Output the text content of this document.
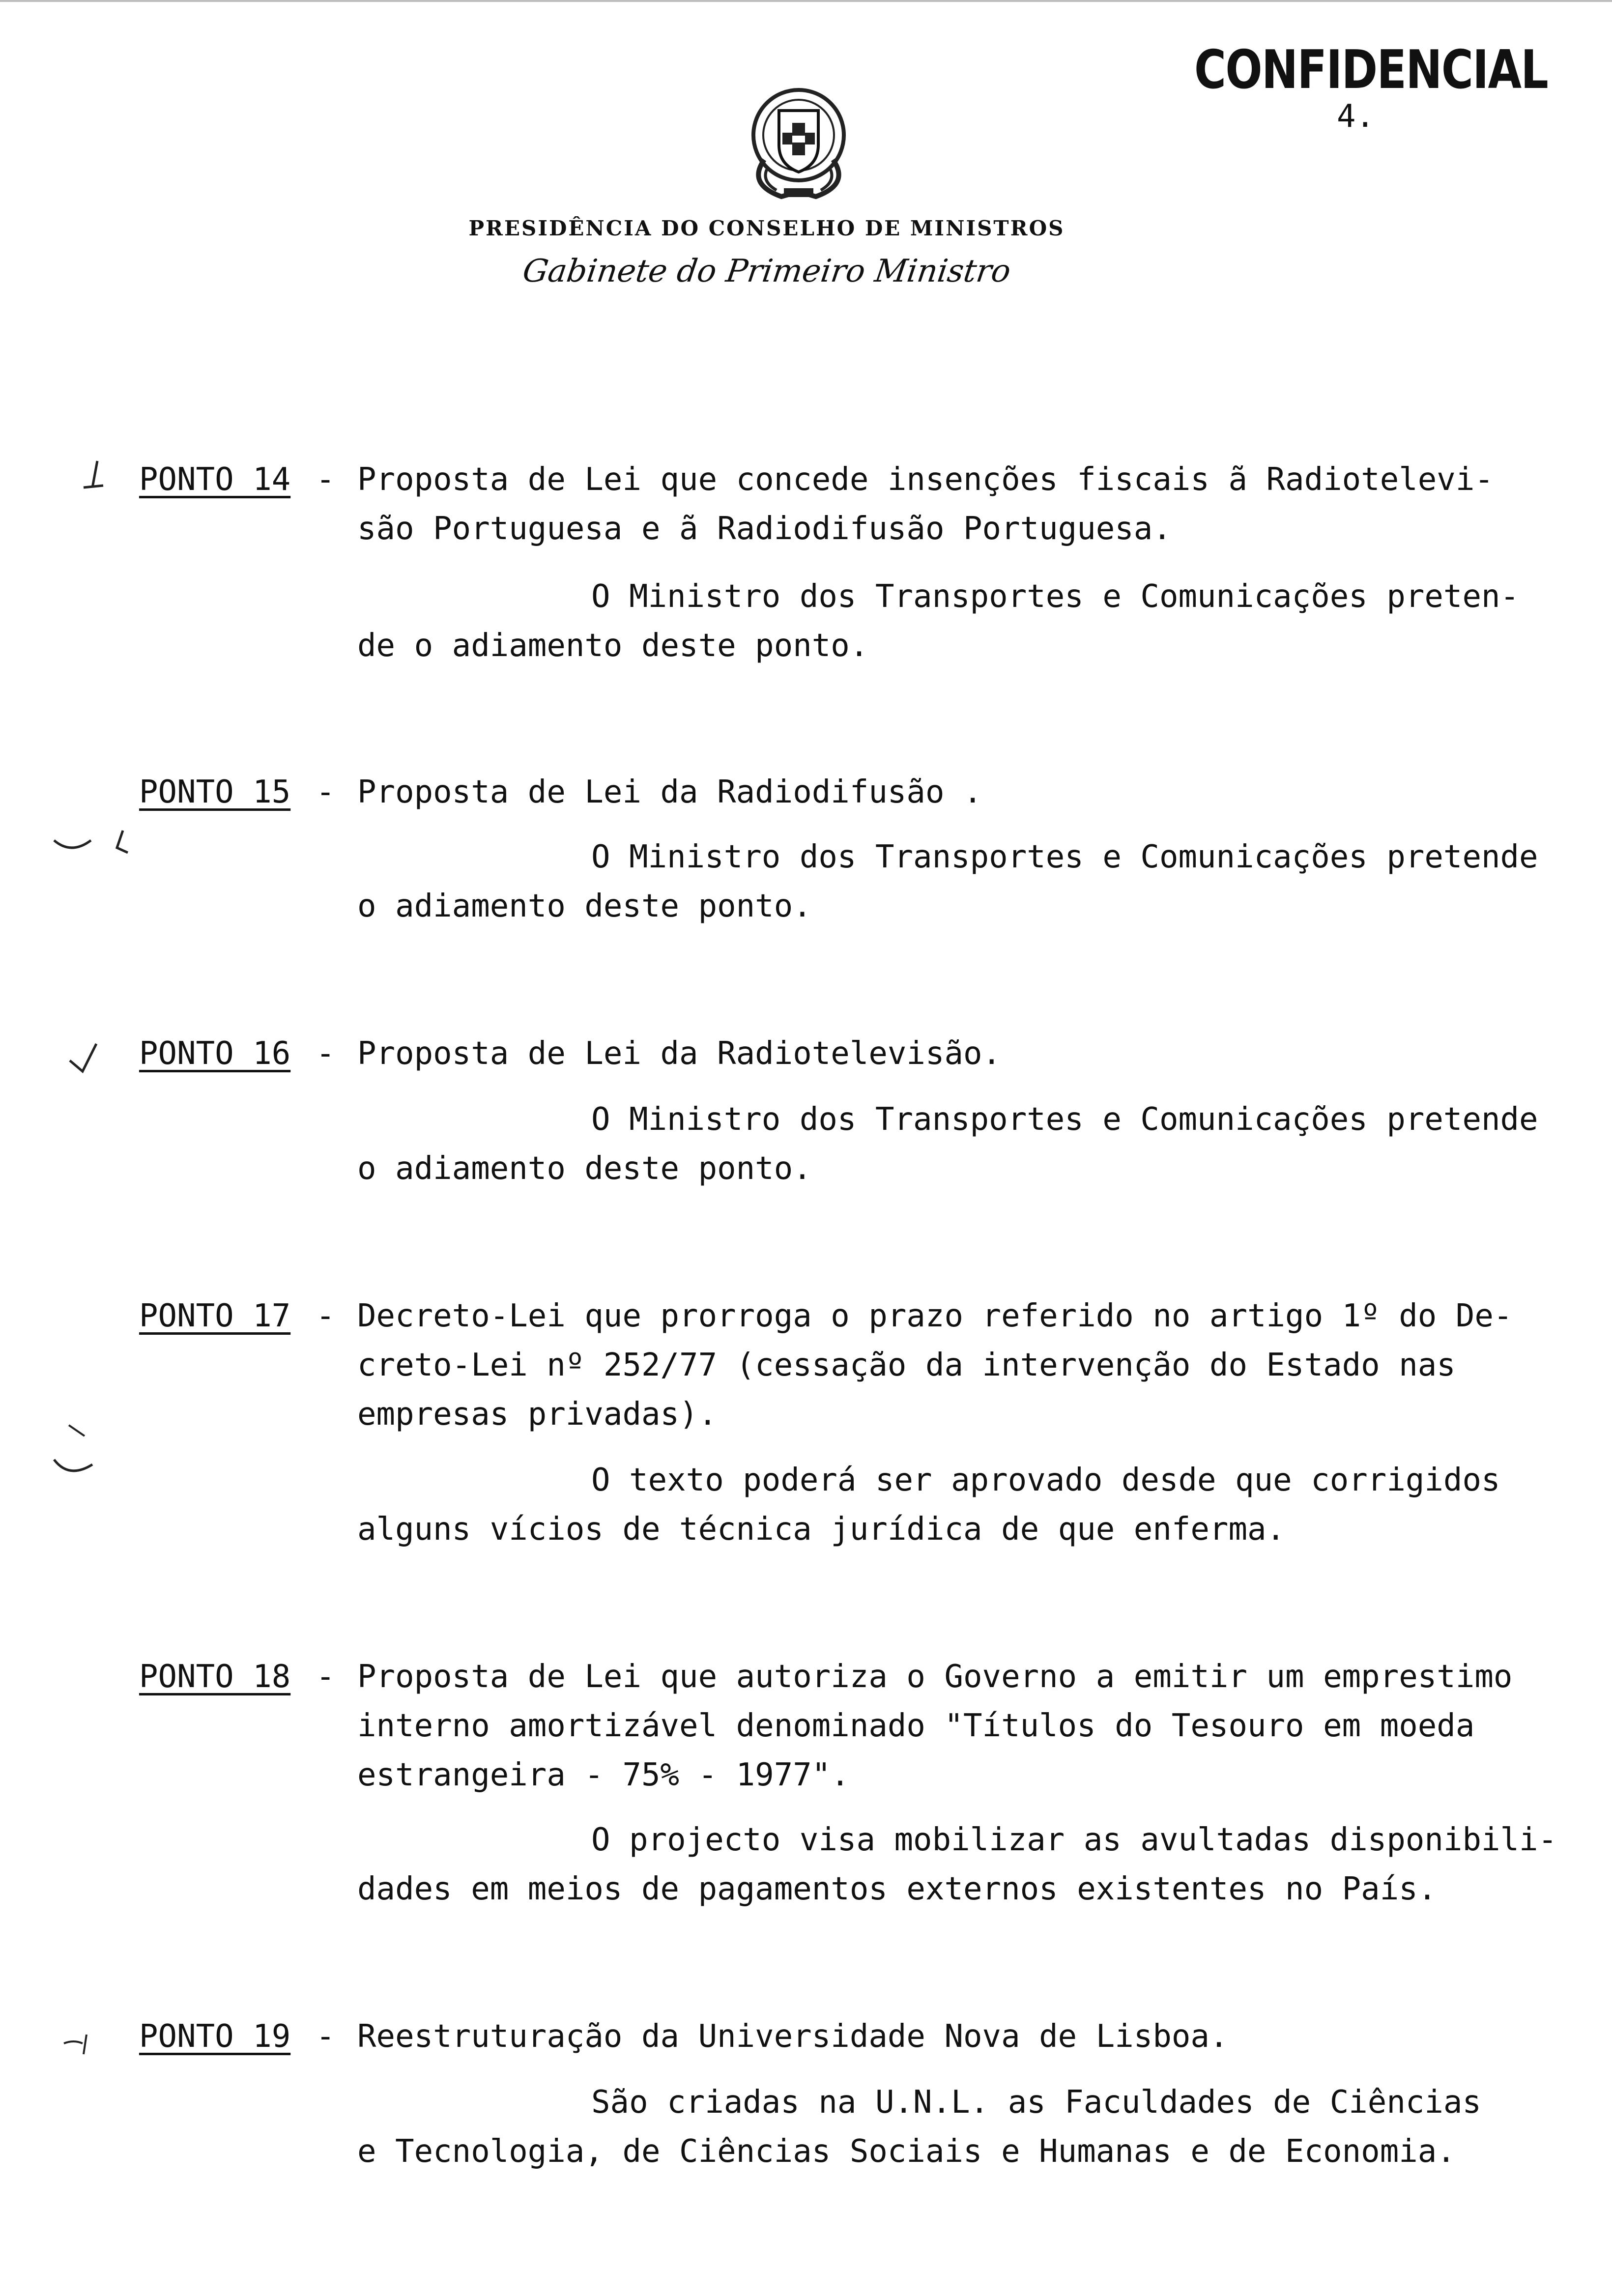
CONFIDENCIAL
4.
PRESIDÊNCIA DO CONSELHO DE MINISTROS
Gabinete do Primeiro Ministro
PONTO 14 - Proposta de Lei que concede insenções fiscais ã Radiotelevi-
são Portuguesa e ã Radiodifusão Portuguesa.
O Ministro dos Transportes e Comunicações preten-
de o adiamento deste ponto.
PONTO 15 - Proposta de Lei da Radiodifusão .
O Ministro dos Transportes e Comunicações pretende
o adiamento deste ponto.
PONTO 16 - Proposta de Lei da Radiotelevisão.
O Ministro dos Transportes e Comunicações pretende
o adiamento deste ponto.
PONTO 17 - Decreto-Lei que prorroga o prazo referido no artigo 1º do De-
creto-Lei nº 252/77 (cessação da intervenção do Estado nas
empresas privadas).
O texto poderá ser aprovado desde que corrigidos
alguns vícios de técnica jurídica de que enferma.
PONTO 18 - Proposta de Lei que autoriza o Governo a emitir um emprestimo
interno amortizável denominado "Títulos do Tesouro em moeda
estrangeira - 75% - 1977".
O projecto visa mobilizar as avultadas disponibili-
dades em meios de pagamentos externos existentes no País.
PONTO 19 - Reestruturação da Universidade Nova de Lisboa.
São criadas na U.N.L. as Faculdades de Ciências
e Tecnologia, de Ciências Sociais e Humanas e de Economia.
